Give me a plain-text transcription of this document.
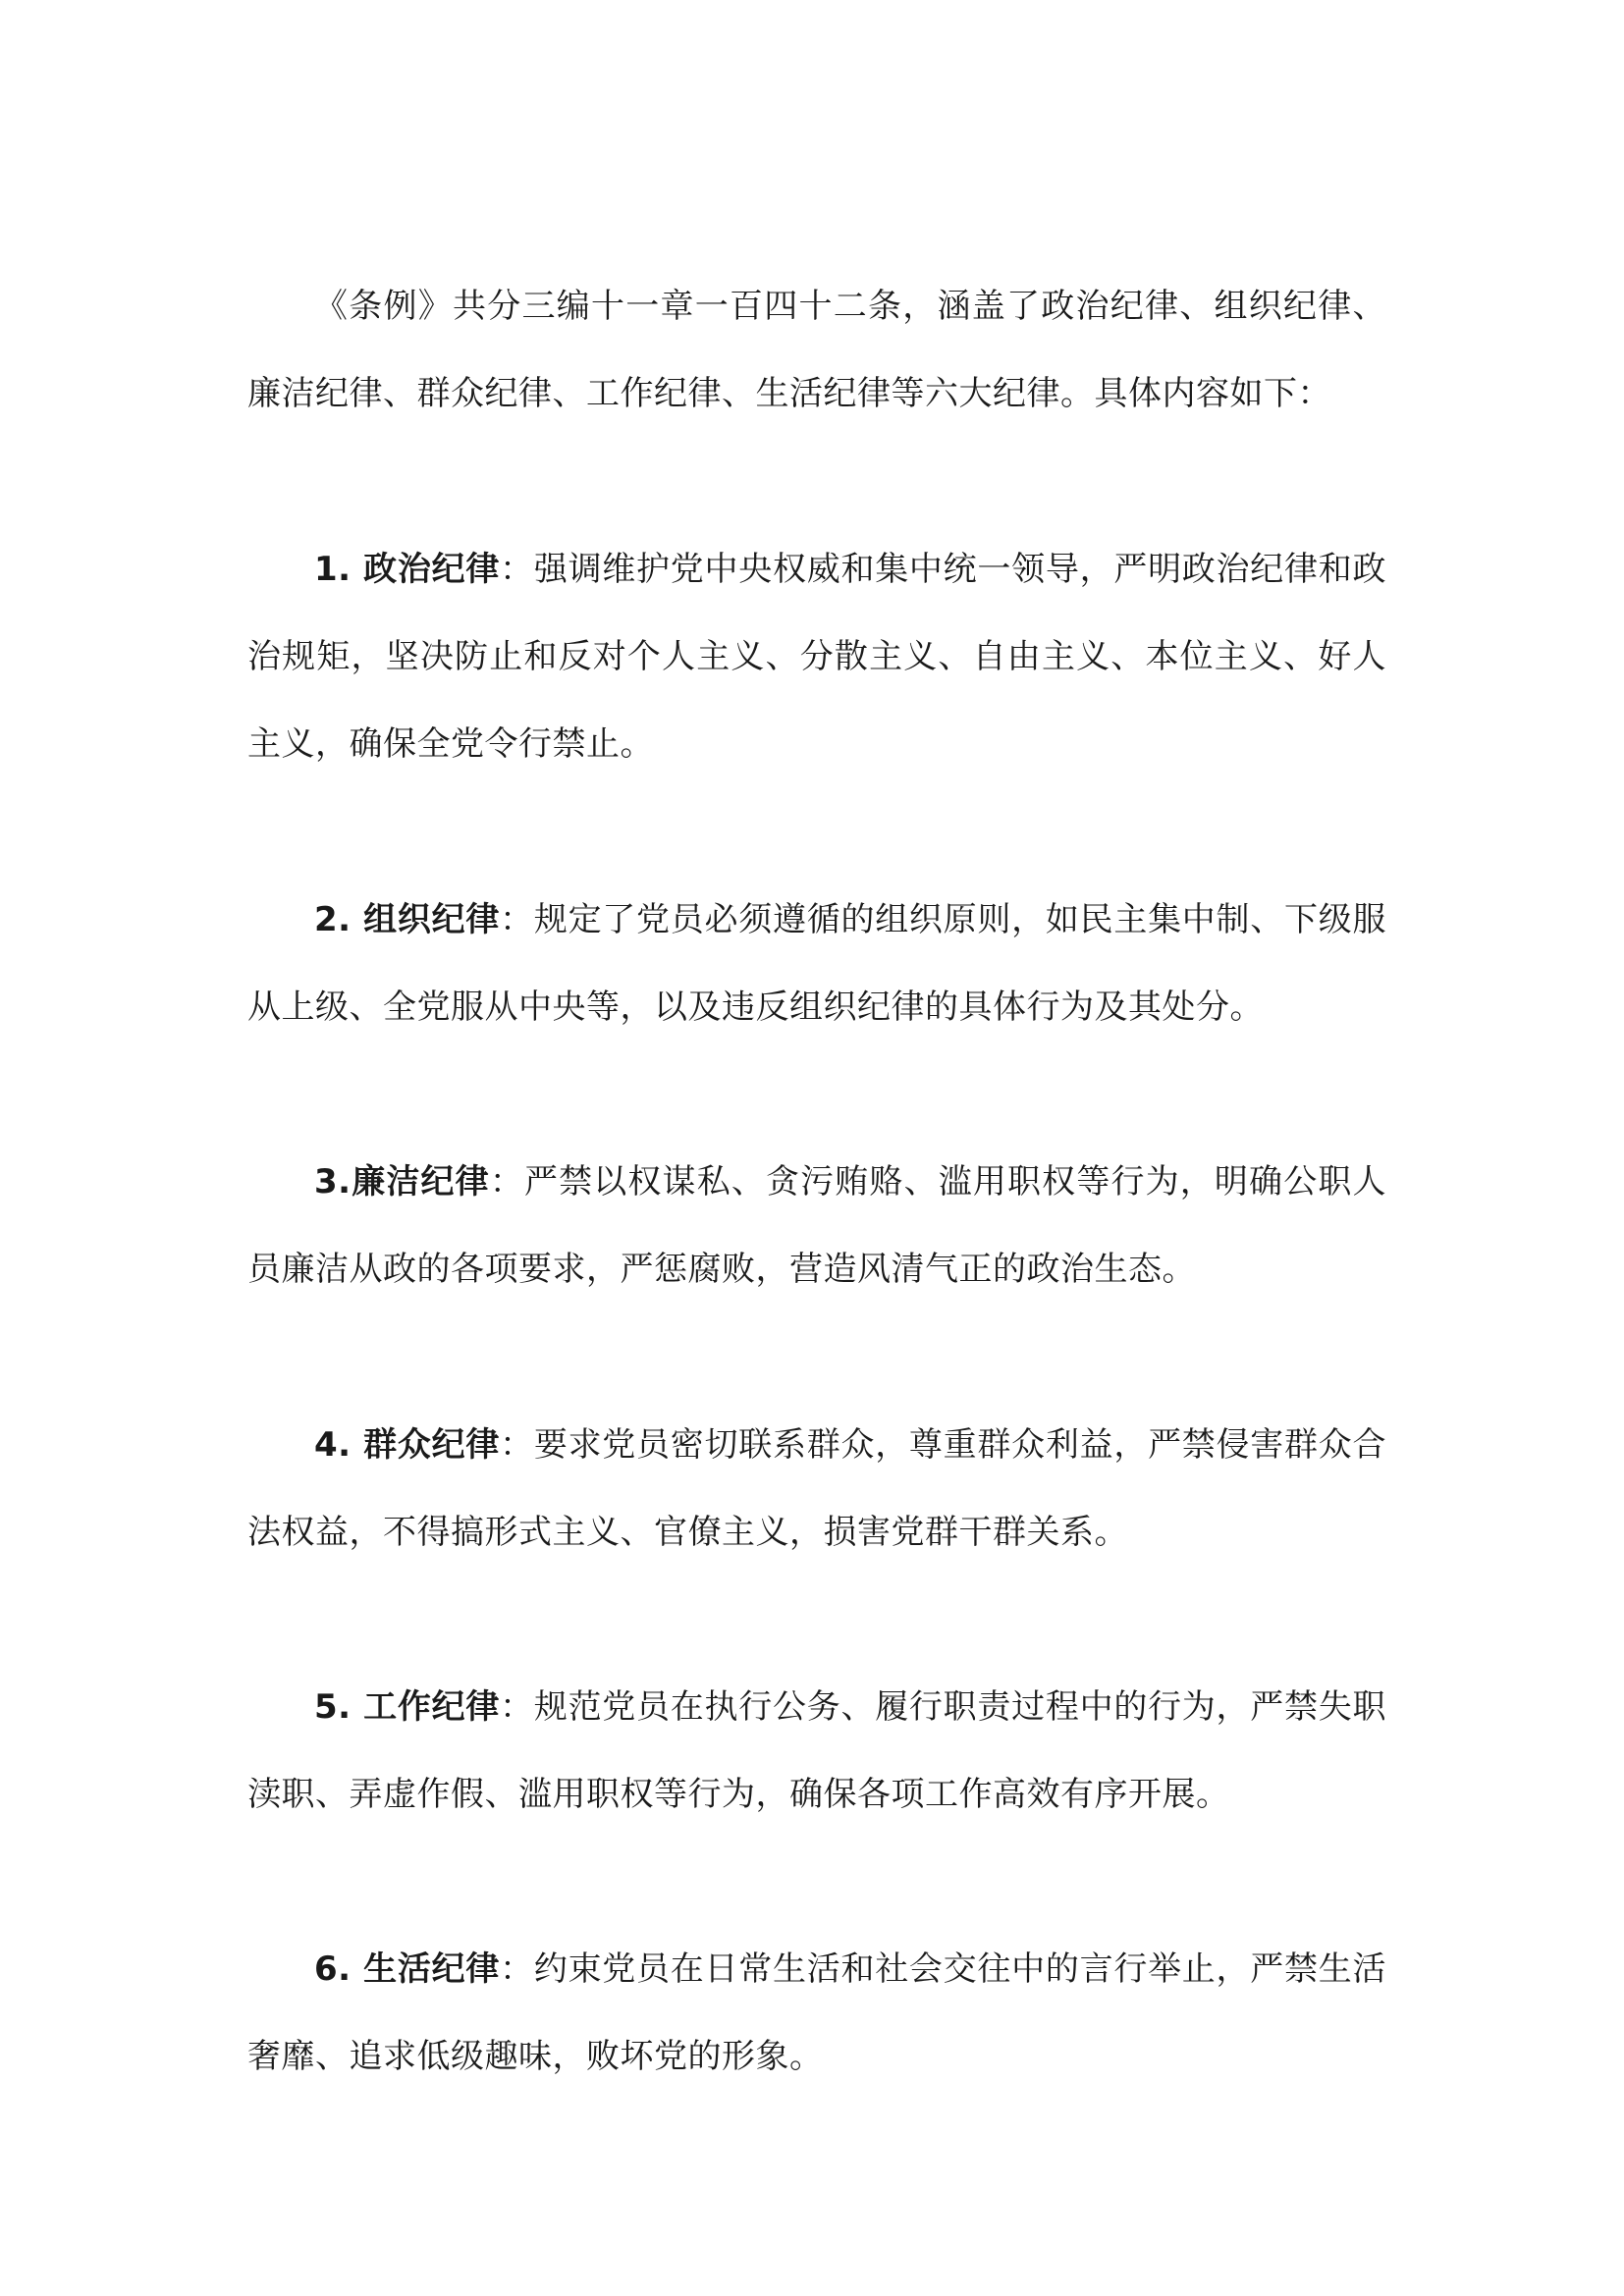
《条例》共分三编十一章一百四十二条，涵盖了政治纪律、组织纪律、廉洁纪律、群众纪律、工作纪律、生活纪律等六大纪律。具体内容如下：

1. 政治纪律：强调维护党中央权威和集中统一领导，严明政治纪律和政治规矩，坚决防止和反对个人主义、分散主义、自由主义、本位主义、好人主义，确保全党令行禁止。

2. 组织纪律：规定了党员必须遵循的组织原则，如民主集中制、下级服从上级、全党服从中央等，以及违反组织纪律的具体行为及其处分。

3.廉洁纪律：严禁以权谋私、贪污贿赂、滥用职权等行为，明确公职人员廉洁从政的各项要求，严惩腐败，营造风清气正的政治生态。

4. 群众纪律：要求党员密切联系群众，尊重群众利益，严禁侵害群众合法权益，不得搞形式主义、官僚主义，损害党群干群关系。

5. 工作纪律：规范党员在执行公务、履行职责过程中的行为，严禁失职渎职、弄虚作假、滥用职权等行为，确保各项工作高效有序开展。

6. 生活纪律：约束党员在日常生活和社会交往中的言行举止，严禁生活奢靡、追求低级趣味，败坏党的形象。
